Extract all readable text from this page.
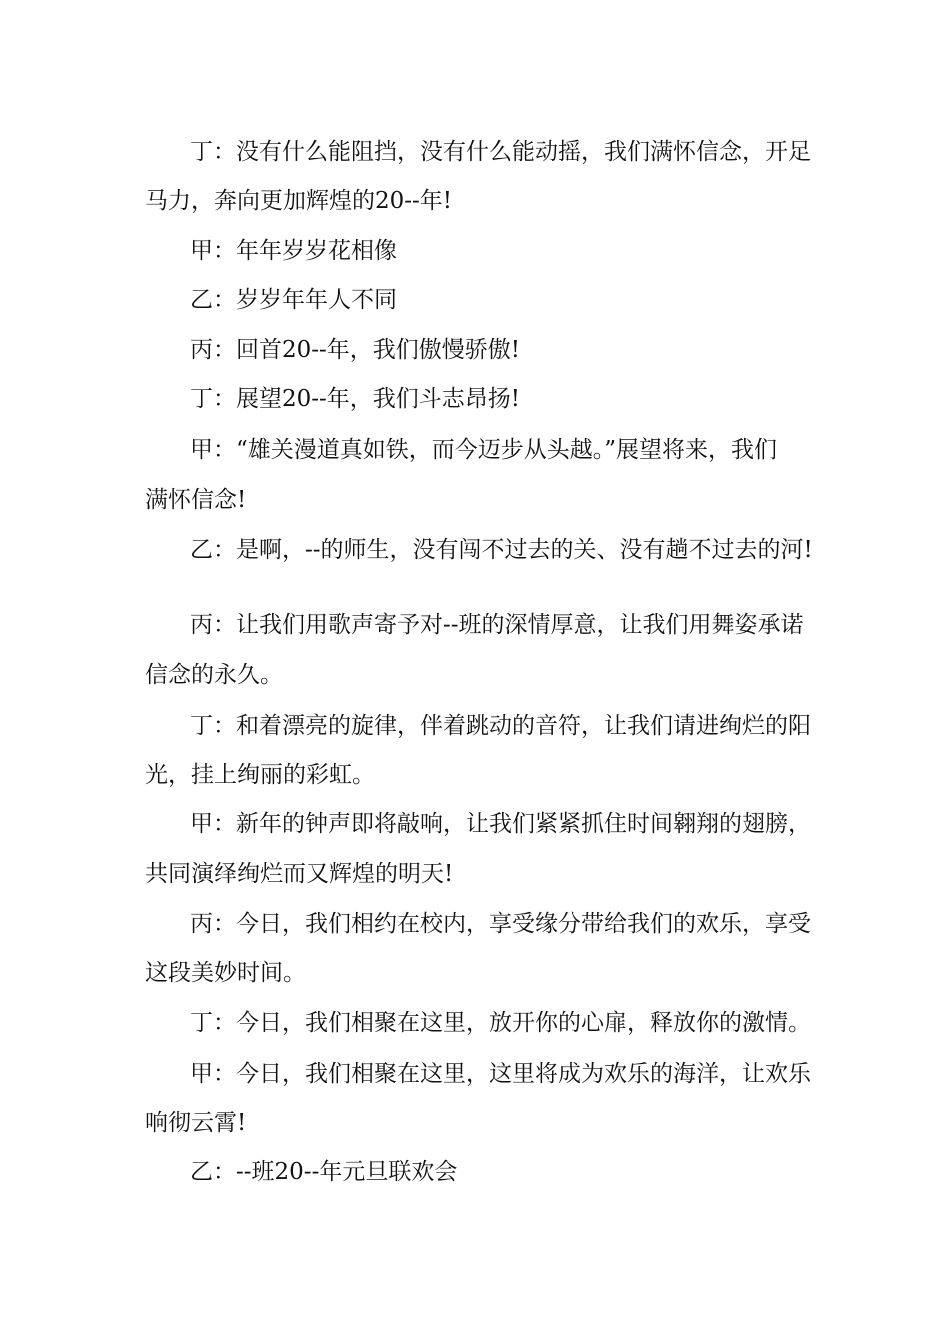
丁：没有什么能阻挡，没有什么能动摇，我们满怀信念，开足

马力，奔向更加辉煌的20--年!

甲：年年岁岁花相像

乙：岁岁年年人不同

丙：回首20--年，我们傲慢骄傲!

丁：展望20--年，我们斗志昂扬!

甲：“雄关漫道真如铁，而今迈步从头越。”展望将来，我们

满怀信念!

乙：是啊，--的师生，没有闯不过去的关、没有趟不过去的河!

丙：让我们用歌声寄予对--班的深情厚意，让我们用舞姿承诺

信念的永久。

丁：和着漂亮的旋律，伴着跳动的音符，让我们请进绚烂的阳

光，挂上绚丽的彩虹。

甲：新年的钟声即将敲响，让我们紧紧抓住时间翱翔的翅膀，

共同演绎绚烂而又辉煌的明天!

丙：今日，我们相约在校内，享受缘分带给我们的欢乐，享受

这段美妙时间。

丁：今日，我们相聚在这里，放开你的心扉，释放你的激情。

甲：今日，我们相聚在这里，这里将成为欢乐的海洋，让欢乐

响彻云霄!

乙：--班20--年元旦联欢会
